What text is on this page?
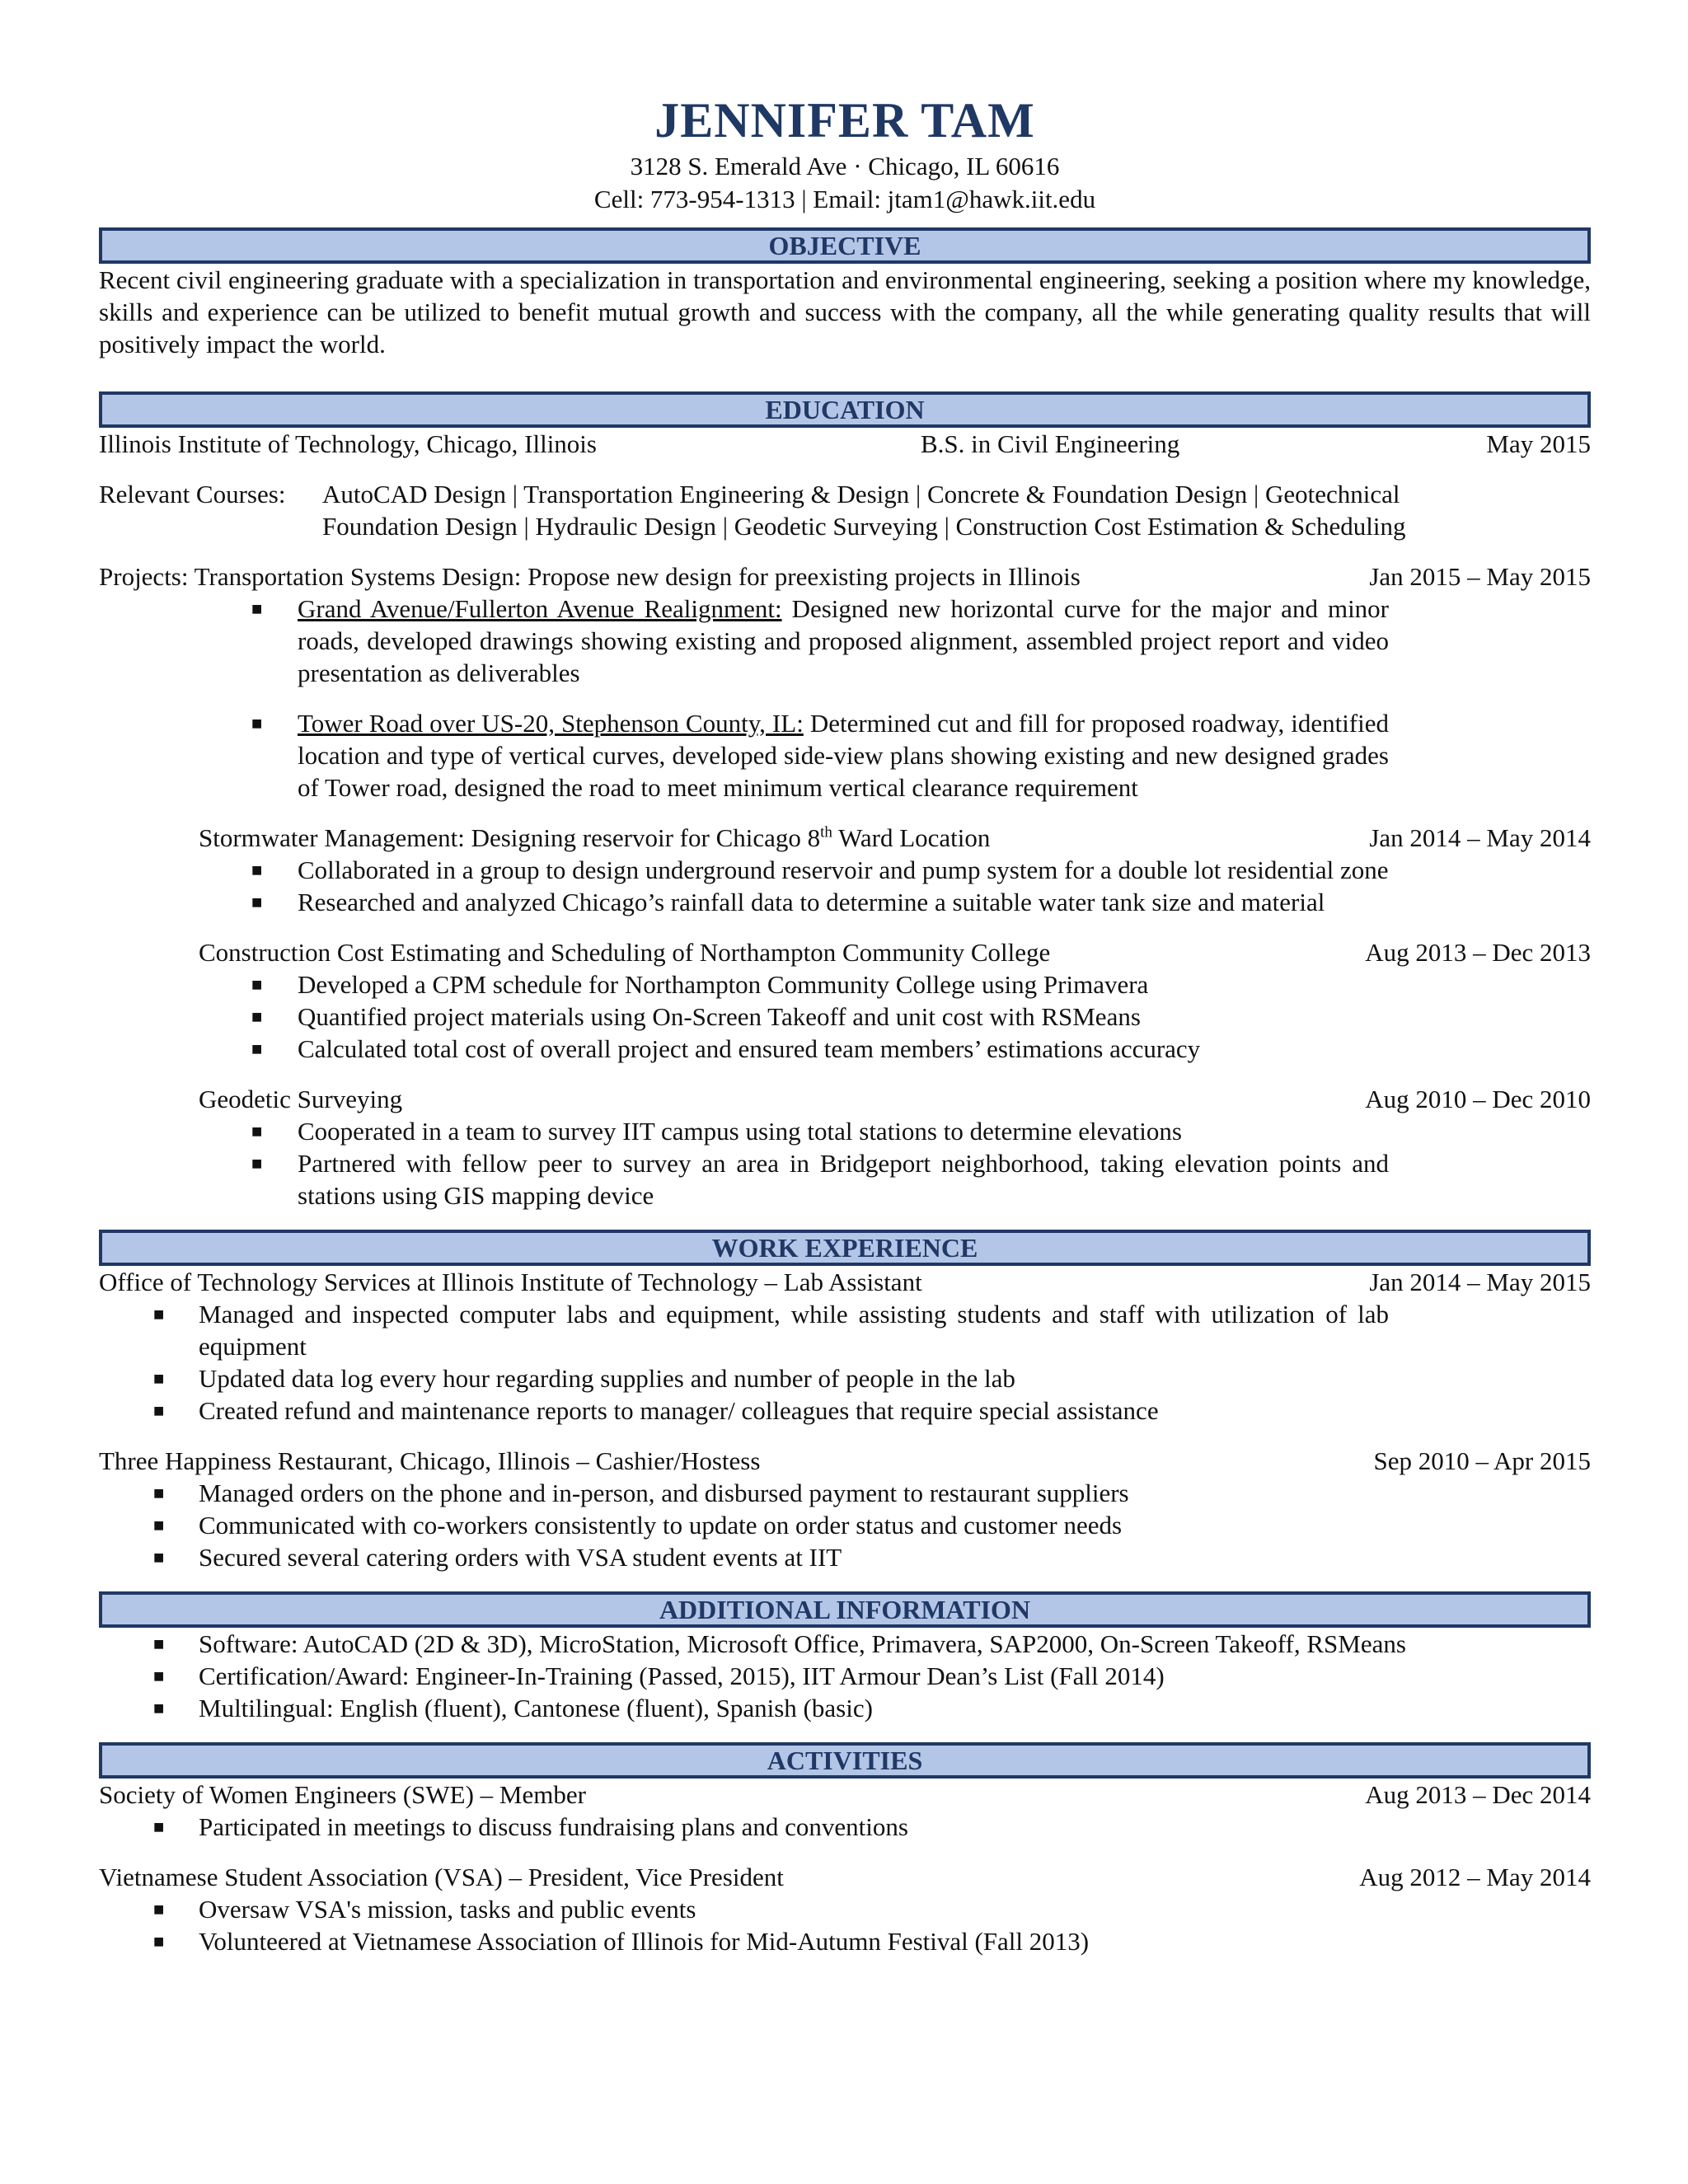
JENNIFER TAM
3128 S. Emerald Ave · Chicago, IL 60616
Cell: 773-954-1313 | Email: jtam1@hawk.iit.edu
OBJECTIVE
Recent civil engineering graduate with a specialization in transportation and environmental engineering, seeking a position where my knowledge, skills and experience can be utilized to benefit mutual growth and success with the company, all the while generating quality results that will positively impact the world.
EDUCATION
Illinois Institute of Technology, Chicago, Illinois	B.S. in Civil Engineering	May 2015
Relevant Courses:	AutoCAD Design | Transportation Engineering & Design | Concrete & Foundation Design | Geotechnical
Foundation Design | Hydraulic Design | Geodetic Surveying | Construction Cost Estimation & Scheduling
Projects: Transportation Systems Design: Propose new design for preexisting projects in Illinois	Jan 2015 – May 2015
■ Grand Avenue/Fullerton Avenue Realignment: Designed new horizontal curve for the major and minor roads, developed drawings showing existing and proposed alignment, assembled project report and video presentation as deliverables
■ Tower Road over US-20, Stephenson County, IL: Determined cut and fill for proposed roadway, identified location and type of vertical curves, developed side-view plans showing existing and new designed grades of Tower road, designed the road to meet minimum vertical clearance requirement
Stormwater Management: Designing reservoir for Chicago 8th Ward Location	Jan 2014 – May 2014
■ Collaborated in a group to design underground reservoir and pump system for a double lot residential zone
■ Researched and analyzed Chicago’s rainfall data to determine a suitable water tank size and material
Construction Cost Estimating and Scheduling of Northampton Community College	Aug 2013 – Dec 2013
■ Developed a CPM schedule for Northampton Community College using Primavera
■ Quantified project materials using On-Screen Takeoff and unit cost with RSMeans
■ Calculated total cost of overall project and ensured team members’ estimations accuracy
Geodetic Surveying	Aug 2010 – Dec 2010
■ Cooperated in a team to survey IIT campus using total stations to determine elevations
■ Partnered with fellow peer to survey an area in Bridgeport neighborhood, taking elevation points and stations using GIS mapping device
WORK EXPERIENCE
Office of Technology Services at Illinois Institute of Technology – Lab Assistant	Jan 2014 – May 2015
■ Managed and inspected computer labs and equipment, while assisting students and staff with utilization of lab equipment
■ Updated data log every hour regarding supplies and number of people in the lab
■ Created refund and maintenance reports to manager/ colleagues that require special assistance
Three Happiness Restaurant, Chicago, Illinois – Cashier/Hostess	Sep 2010 – Apr 2015
■ Managed orders on the phone and in-person, and disbursed payment to restaurant suppliers
■ Communicated with co-workers consistently to update on order status and customer needs
■ Secured several catering orders with VSA student events at IIT
ADDITIONAL INFORMATION
■ Software: AutoCAD (2D & 3D), MicroStation, Microsoft Office, Primavera, SAP2000, On-Screen Takeoff, RSMeans
■ Certification/Award: Engineer-In-Training (Passed, 2015), IIT Armour Dean’s List (Fall 2014)
■ Multilingual: English (fluent), Cantonese (fluent), Spanish (basic)
ACTIVITIES
Society of Women Engineers (SWE) – Member	Aug 2013 – Dec 2014
■ Participated in meetings to discuss fundraising plans and conventions
Vietnamese Student Association (VSA) – President, Vice President	Aug 2012 – May 2014
■ Oversaw VSA's mission, tasks and public events
■ Volunteered at Vietnamese Association of Illinois for Mid-Autumn Festival (Fall 2013)
